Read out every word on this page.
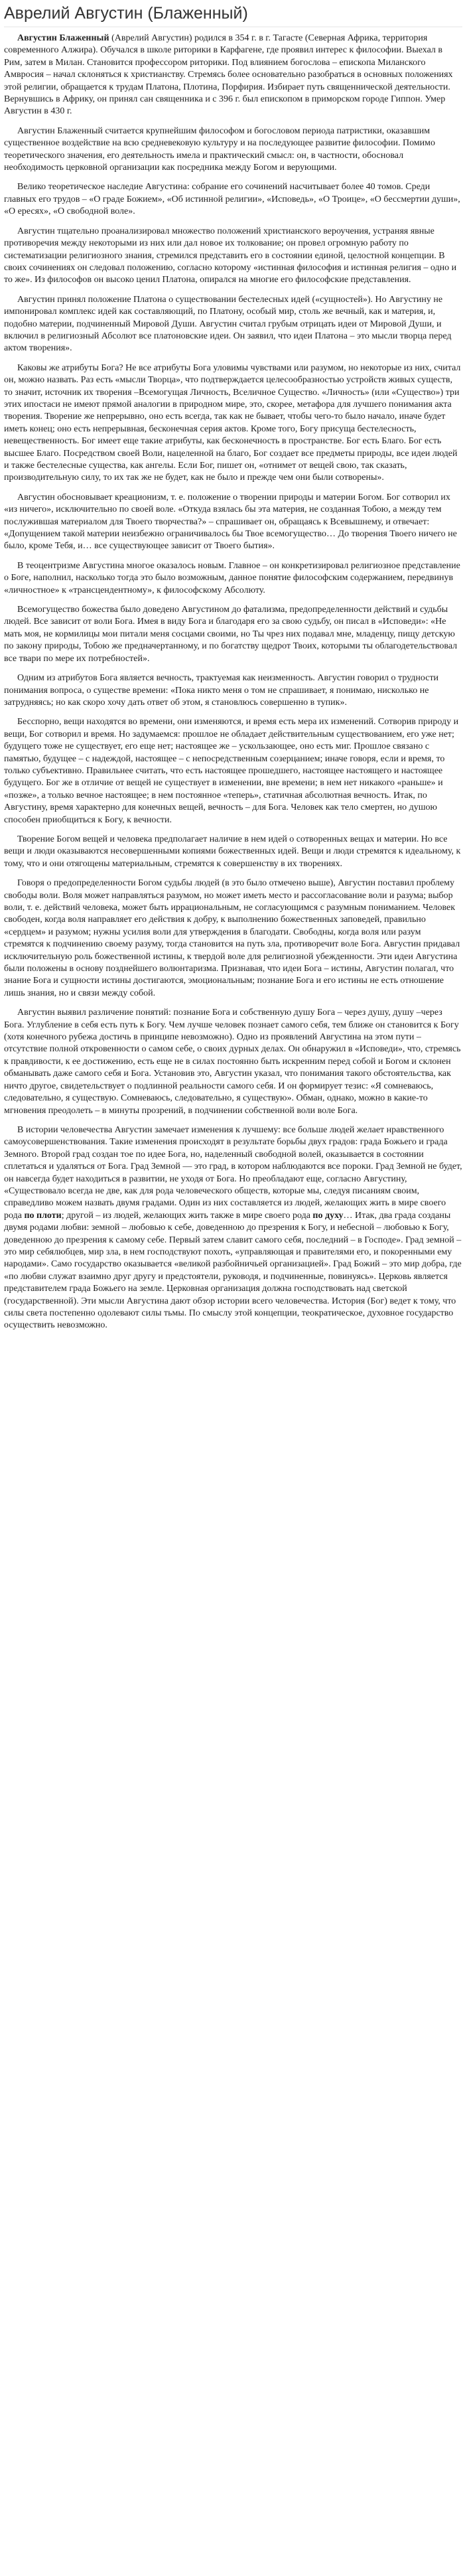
Аврелий Августин (Блаженный)

Августин Блаженный (Аврелий Августин) родился в 354 г. в г. Тагасте (Северная Африка, территория современного Алжира). Обучался в школе риторики в Карфагене, где проявил интерес к философии. Выехал в Рим, затем в Милан. Становится профессором риторики. Под влиянием богослова – епископа Миланского Амвросия – начал склоняться к христианству. Стремясь более основательно разобраться в основных положениях этой религии, обращается к трудам Платона, Плотина, Порфирия. Избирает путь священнической деятельности. Вернувшись в Африку, он принял сан священника и с 396 г. был епископом в приморском городе Гиппон. Умер Августин в 430 г.

Августин Блаженный считается крупнейшим философом и богословом периода патристики, оказавшим существенное воздействие на всю средневековую культуру и на последующее развитие философии. Помимо теоретического значения, его деятельность имела и практический смысл: он, в частности, обосновал необходимость церковной организации как посредника между Богом и верующими.

Велико теоретическое наследие Августина: собрание его сочинений насчитывает более 40 томов. Среди главных его трудов – «О граде Божием», «Об истинной религии», «Исповедь», «О Троице», «О бессмертии души», «О ересях», «О свободной воле».

Августин тщательно проанализировал множество положений христианского вероучения, устраняя явные противоречия между некоторыми из них или дал новое их толкование; он провел огромную работу по систематизации религиозного знания, стремился представить его в состоянии единой, целостной концепции. В своих сочинениях он следовал положению, согласно которому «истинная философия и истинная религия – одно и то же». Из философов он высоко ценил Платона, опирался на многие его философские представления.

Августин принял положение Платона о существовании бестелесных идей («сущностей»). Но Августину не импонировал комплекс идей как составляющий, по Платону, особый мир, столь же вечный, как и материя, и, подобно материи, подчиненный Мировой Души. Августин считал грубым отрицать идеи от Мировой Души, и включил в религиозный Абсолют все платоновские идеи. Он заявил, что идеи Платона – это мысли творца перед актом творения».

Каковы же атрибуты Бога? Не все атрибуты Бога уловимы чувствами или разумом, но некоторые из них, считал он, можно назвать. Раз есть «мысли Творца», что подтверждается целесообразностью устройств живых существ, то значит, источник их творения –Всемогущая Личность, Вселичное Существо. «Личность» (или «Существо») три этих ипостаси не имеют прямой аналогии в природном мире, это, скорее, метафора для лучшего понимания акта творения. Творение же непрерывно, оно есть всегда, так как не бывает, чтобы чего-то было начало, иначе будет иметь конец; оно есть непрерывная, бесконечная серия актов. Кроме того, Богу присуща бестелесность, невещественность. Бог имеет еще такие атрибуты, как бесконечность в пространстве. Бог есть Благо. Бог есть высшее Благо. Посредством своей Воли, нацеленной на благо, Бог создает все предметы природы, все идеи людей и также бестелесные существа, как ангелы. Если Бог, пишет он, «отнимет от вещей свою, так сказать, производительную силу, то их так же не будет, как не было и прежде чем они были сотворены».

Августин обосновывает креационизм, т. е. положение о творении природы и материи Богом. Бог сотворил их «из ничего», исключительно по своей воле. «Откуда взялась бы эта материя, не созданная Тобою, а между тем послужившая материалом для Твоего творчества?» – спрашивает он, обращаясь к Всевышнему, и отвечает: «Допущением такой материи неизбежно ограничивалось бы Твое всемогущество… До творения Твоего ничего не было, кроме Тебя, и… все существующее зависит от Твоего бытия».

В теоцентризме Августина многое оказалось новым. Главное – он конкретизировал религиозное представление о Боге, наполнил, насколько тогда это было возможным, данное понятие философским содержанием, передвинув «личностное» к «трансцендентному», к философскому Абсолюту.

Всемогущество божества было доведено Августином до фатализма, предопределенности действий и судьбы людей. Все зависит от воли Бога. Имея в виду Бога и благодаря его за свою судьбу, он писал в «Исповеди»: «Не мать моя, не кормилицы мои питали меня сосцами своими, но Ты чрез них подавал мне, младенцу, пищу детскую по закону природы, Тобою же предначертанному, и по богатству щедрот Твоих, которыми ты облагодетельствовал все твари по мере их потребностей».

Одним из атрибутов Бога является вечность, трактуемая как неизменность. Августин говорил о трудности понимания вопроса, о существе времени: «Пока никто меня о том не спрашивает, я понимаю, нисколько не затрудняясь; но как скоро хочу дать ответ об этом, я становлюсь совершенно в тупик».

Бесспорно, вещи находятся во времени, они изменяются, и время есть мера их изменений. Сотворив природу и вещи, Бог сотворил и время. Но задумаемся: прошлое не обладает действительным существованием, его уже нет; будущего тоже не существует, его еще нет; настоящее же – ускользающее, оно есть миг. Прошлое связано с памятью, будущее – с надеждой, настоящее – с непосредственным созерцанием; иначе говоря, если и время, то только субъективно. Правильнее считать, что есть настоящее прошедшего, настоящее настоящего и настоящее будущего. Бог же в отличие от вещей не существует в изменении, вне времени; в нем нет никакого «раньше» и «позже», а только вечное настоящее; в нем постоянное «теперь», статичная абсолютная вечность. Итак, по Августину, время характерно для конечных вещей, вечность – для Бога. Человек как тело смертен, но душою способен приобщиться к Богу, к вечности.

Творение Богом вещей и человека предполагает наличие в нем идей о сотворенных вещах и материи. Но все вещи и люди оказываются несовершенными копиями божественных идей. Вещи и люди стремятся к идеальному, к тому, что и они отягощены материальным, стремятся к совершенству в их творениях.

Говоря о предопределенности Богом судьбы людей (в это было отмечено выше), Августин поставил проблему свободы воли. Воля может направляться разумом, но может иметь место и рассогласование воли и разума; выбор воли, т. е. действий человека, может быть иррациональным, не согласующимся с разумным пониманием. Человек свободен, когда воля направляет его действия к добру, к выполнению божественных заповедей, правильно «сердцем» и разумом; нужны усилия воли для утверждения в благодати. Свободны, когда воля или разум стремятся к подчинению своему разуму, тогда становится на путь зла, противоречит воле Бога. Августин придавал исключительную роль божественной истины, к твердой воле для религиозной убежденности. Эти идеи Августина были положены в основу позднейшего волюнтаризма. Признавая, что идеи Бога – истины, Августин полагал, что знание Бога и сущности истины достигаются, эмоциональным; познание Бога и его истины не есть отношение лишь знания, но и связи между собой.

Августин выявил различение понятий: познание Бога и собственную душу Бога – через душу, душу –через Бога. Углубление в себя есть путь к Богу. Чем лучше человек познает самого себя, тем ближе он становится к Богу (хотя конечного рубежа достичь в принципе невозможно). Одно из проявлений Августина на этом пути – отсутствие полной откровенности о самом себе, о своих дурных делах. Он обнаружил в «Исповеди», что, стремясь к правдивости, к ее достижению, есть еще не в силах постоянно быть искренним перед собой и Богом и склонен обманывать даже самого себя и Бога. Установив это, Августин указал, что понимания такого обстоятельства, как ничто другое, свидетельствует о подлинной реальности самого себя. И он формирует тезис: «Я сомневаюсь, следовательно, я существую. Сомневаюсь, следовательно, я существую». Обман, однако, можно в какие-то мгновения преодолеть – в минуты прозрений, в подчинении собственной воли воле Бога.

В истории человечества Августин замечает изменения к лучшему: все больше людей желает нравственного самоусовершенствования. Такие изменения происходят в результате борьбы двух градов: града Божьего и града Земного. Второй град создан тое по идее Бога, но, наделенный свободной волей, оказывается в состоянии сплетаться и удаляться от Бога. Град Земной — это град, в котором наблюдаются все пороки. Град Земной не будет, он навсегда будет находиться в развитии, не уходя от Бога. Но преобладают еще, согласно Августину, «Существовало всегда не две, как для рода человеческого обществ, которые мы, следуя писаниям своим, справедливо можем назвать двумя градами. Один из них составляется из людей, желающих жить в мире своего рода по плоти; другой – из людей, желающих жить также в мире своего рода по духу… Итак, два града созданы двумя родами любви: земной – любовью к себе, доведенною до презрения к Богу, и небесной – любовью к Богу, доведенною до презрения к самому себе. Первый затем славит самого себя, последний – в Господе». Град земной – это мир себялюбцев, мир зла, в нем господствуют похоть, «управляющая и правителями его, и покоренными ему народами». Само государство оказывается «великой разбойничьей организацией». Град Божий – это мир добра, где «по любви служат взаимно друг другу и предстоятели, руководя, и подчиненные, повинуясь». Церковь является представителем града Божьего на земле. Церковная организация должна господствовать над светской (государственной). Эти мысли Августина дают обзор истории всего человечества. История (Бог) ведет к тому, что силы света постепенно одолевают силы тьмы. По смыслу этой концепции, теократическое, духовное государство осуществить невозможно.
